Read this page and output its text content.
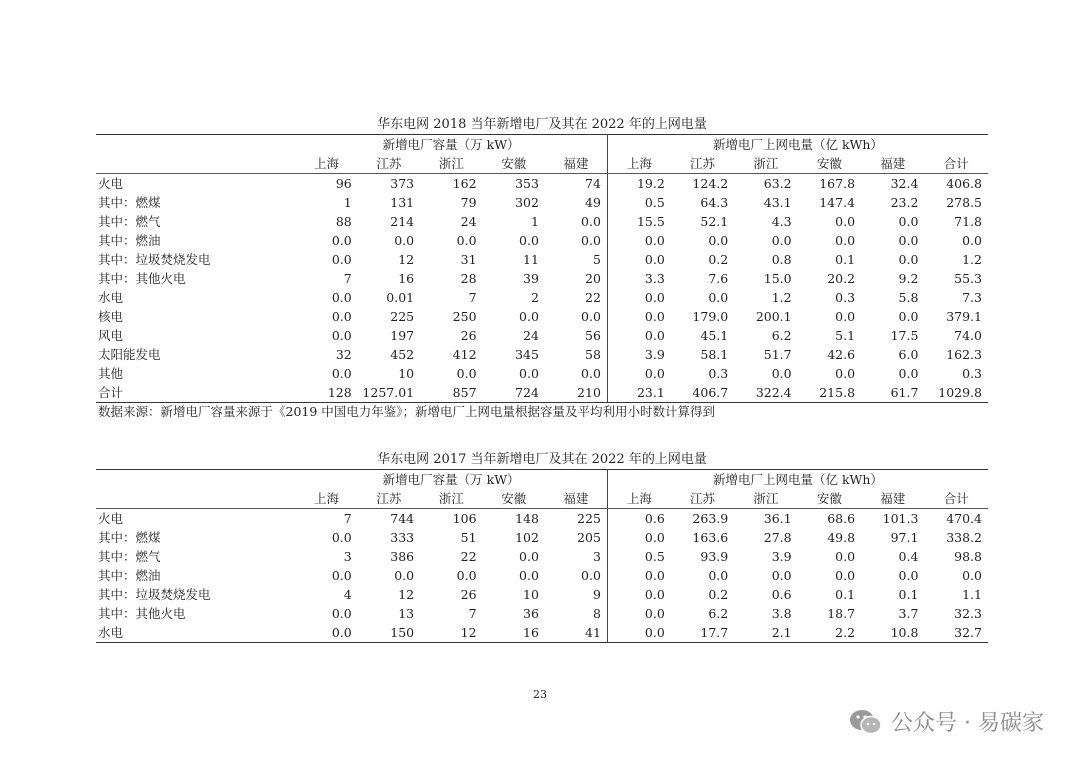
华东电网 2018 当年新增电厂及其在 2022 年的上网电量
	新增电厂容量（万 kW）					新增电厂上网电量（亿 kWh）					
	上海	江苏	浙江	安徽	福建	上海	江苏	浙江	安徽	福建	合计
火电	96	373	162	353	74	19.2	124.2	63.2	167.8	32.4	406.8
其中：燃煤	1	131	79	302	49	0.5	64.3	43.1	147.4	23.2	278.5
其中：燃气	88	214	24	1	0.0	15.5	52.1	4.3	0.0	0.0	71.8
其中：燃油	0.0	0.0	0.0	0.0	0.0	0.0	0.0	0.0	0.0	0.0	0.0
其中：垃圾焚烧发电	0.0	12	31	11	5	0.0	0.2	0.8	0.1	0.0	1.2
其中：其他火电	7	16	28	39	20	3.3	7.6	15.0	20.2	9.2	55.3
水电	0.0	0.01	7	2	22	0.0	0.0	1.2	0.3	5.8	7.3
核电	0.0	225	250	0.0	0.0	0.0	179.0	200.1	0.0	0.0	379.1
风电	0.0	197	26	24	56	0.0	45.1	6.2	5.1	17.5	74.0
太阳能发电	32	452	412	345	58	3.9	58.1	51.7	42.6	6.0	162.3
其他	0.0	10	0.0	0.0	0.0	0.0	0.3	0.0	0.0	0.0	0.3
合计	128	1257.01	857	724	210	23.1	406.7	322.4	215.8	61.7	1029.8
数据来源：新增电厂容量来源于《2019 中国电力年鉴》；新增电厂上网电量根据容量及平均利用小时数计算得到
华东电网 2017 当年新增电厂及其在 2022 年的上网电量
	新增电厂容量（万 kW）					新增电厂上网电量（亿 kWh）					
	上海	江苏	浙江	安徽	福建	上海	江苏	浙江	安徽	福建	合计
火电	7	744	106	148	225	0.6	263.9	36.1	68.6	101.3	470.4
其中：燃煤	0.0	333	51	102	205	0.0	163.6	27.8	49.8	97.1	338.2
其中：燃气	3	386	22	0.0	3	0.5	93.9	3.9	0.0	0.4	98.8
其中：燃油	0.0	0.0	0.0	0.0	0.0	0.0	0.0	0.0	0.0	0.0	0.0
其中：垃圾焚烧发电	4	12	26	10	9	0.0	0.2	0.6	0.1	0.1	1.1
其中：其他火电	0.0	13	7	36	8	0.0	6.2	3.8	18.7	3.7	32.3
水电	0.0	150	12	16	41	0.0	17.7	2.1	2.2	10.8	32.7
23
公众号 · 易碳家
